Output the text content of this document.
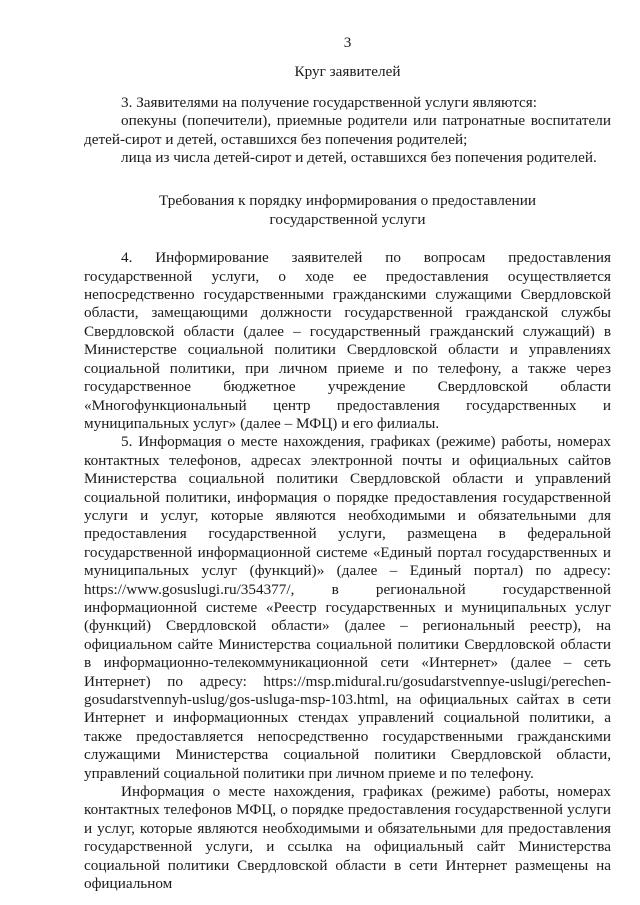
3

Круг заявителей

3. Заявителями на получение государственной услуги являются:

опекуны (попечители), приемные родители или патронатные воспитатели детей-сирот и детей, оставшихся без попечения родителей;

лица из числа детей-сирот и детей, оставшихся без попечения родителей.

Требования к порядку информирования о предоставлении
государственной услуги

4. Информирование заявителей по вопросам предоставления государственной услуги, о ходе ее предоставления осуществляется непосредственно государственными гражданскими служащими Свердловской области, замещающими должности государственной гражданской службы Свердловской области (далее – государственный гражданский служащий) в Министерстве социальной политики Свердловской области и управлениях социальной политики, при личном приеме и по телефону, а также через государственное бюджетное учреждение Свердловской области «Многофункциональный центр предоставления государственных и муниципальных услуг» (далее – МФЦ) и его филиалы.

5. Информация о месте нахождения, графиках (режиме) работы, номерах контактных телефонов, адресах электронной почты и официальных сайтов Министерства социальной политики Свердловской области и управлений социальной политики, информация о порядке предоставления государственной услуги и услуг, которые являются необходимыми и обязательными для предоставления государственной услуги, размещена в федеральной государственной информационной системе «Единый портал государственных и муниципальных услуг (функций)» (далее – Единый портал) по адресу: https://www.gosuslugi.ru/354377/, в региональной государственной информационной системе «Реестр государственных и муниципальных услуг (функций) Свердловской области» (далее – региональный реестр), на официальном сайте Министерства социальной политики Свердловской области в информационно-телекоммуникационной сети «Интернет» (далее – сеть Интернет) по адресу: https://msp.midural.ru/gosudarstvennye-uslugi/perechen-gosudarstvennyh-uslug/gos-usluga-msp-103.html, на официальных сайтах в сети Интернет и информационных стендах управлений социальной политики, а также предоставляется непосредственно государственными гражданскими служащими Министерства социальной политики Свердловской области, управлений социальной политики при личном приеме и по телефону.

Информация о месте нахождения, графиках (режиме) работы, номерах контактных телефонов МФЦ, о порядке предоставления государственной услуги и услуг, которые являются необходимыми и обязательными для предоставления государственной услуги, и ссылка на официальный сайт Министерства социальной политики Свердловской области в сети Интернет размещены на официальном
